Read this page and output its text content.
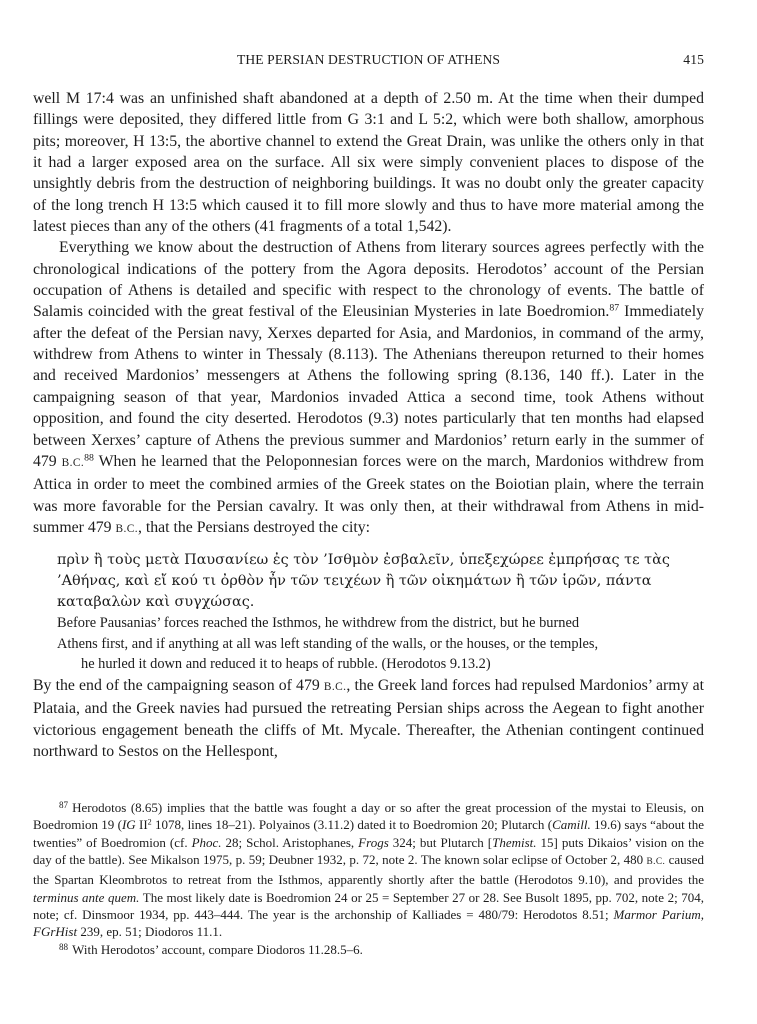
THE PERSIAN DESTRUCTION OF ATHENS	415

well M 17:4 was an unfinished shaft abandoned at a depth of 2.50 m. At the time when their dumped fillings were deposited, they differed little from G 3:1 and L 5:2, which were both shallow, amorphous pits; moreover, H 13:5, the abortive channel to extend the Great Drain, was unlike the others only in that it had a larger exposed area on the surface. All six were simply convenient places to dispose of the unsightly debris from the destruction of neighboring buildings. It was no doubt only the greater capacity of the long trench H 13:5 which caused it to fill more slowly and thus to have more material among the latest pieces than any of the others (41 fragments of a total 1,542).

Everything we know about the destruction of Athens from literary sources agrees perfectly with the chronological indications of the pottery from the Agora deposits. Herodotos’ account of the Persian occupation of Athens is detailed and specific with respect to the chronology of events. The battle of Salamis coincided with the great festival of the Eleusinian Mysteries in late Boedromion.$^{87}$ Immediately after the defeat of the Persian navy, Xerxes departed for Asia, and Mardonios, in command of the army, withdrew from Athens to winter in Thessaly (8.113). The Athenians thereupon returned to their homes and received Mardonios’ messengers at Athens the following spring (8.136, 140 ff.). Later in the campaigning season of that year, Mardonios invaded Attica a second time, took Athens without opposition, and found the city deserted. Herodotos (9.3) notes particularly that ten months had elapsed between Xerxes’ capture of Athens the previous summer and Mardonios’ return early in the summer of 479 B.C.$^{88}$ When he learned that the Peloponnesian forces were on the march, Mardonios withdrew from Attica in order to meet the combined armies of the Greek states on the Boiotian plain, where the terrain was more favorable for the Persian cavalry. It was only then, at their withdrawal from Athens in mid-summer 479 B.C., that the Persians destroyed the city:

πρὶν ἢ τοὺς μετὰ Παυσανίεω ἐς τὸν ’Ισθμὸν ἐσβαλεῖν, ὑπεξεχώρεε ἐμπρήσας τε τὰς ’Αθήνας, καὶ εἴ κού τι ὀρθὸν ἦν τῶν τειχέων ἢ τῶν οἰκημάτων ἢ τῶν ἱρῶν, πάντα καταβαλὼν καὶ συγχώσας.

Before Pausanias’ forces reached the Isthmos, he withdrew from the district, but he burned
Athens first, and if anything at all was left standing of the walls, or the houses, or the temples,
he hurled it down and reduced it to heaps of rubble. (Herodotos 9.13.2)

By the end of the campaigning season of 479 B.C., the Greek land forces had repulsed Mardonios’ army at Plataia, and the Greek navies had pursued the retreating Persian ships across the Aegean to fight another victorious engagement beneath the cliffs of Mt. Mycale. Thereafter, the Athenian contingent continued northward to Sestos on the Hellespont,

$^{87}$ Herodotos (8.65) implies that the battle was fought a day or so after the great procession of the mystai to Eleusis, on Boedromion 19 (IG $II^2$ 1078, lines 18–21). Polyainos (3.11.2) dated it to Boedromion 20; Plutarch (Camill. 19.6) says “about the twenties” of Boedromion (cf. Phoc. 28; Schol. Aristophanes, Frogs 324; but Plutarch [Themist. 15] puts Dikaios’ vision on the day of the battle). See Mikalson 1975, p. 59; Deubner 1932, p. 72, note 2. The known solar eclipse of October 2, 480 B.C. caused the Spartan Kleombrotos to retreat from the Isthmos, apparently shortly after the battle (Herodotos 9.10), and provides the terminus ante quem. The most likely date is Boedromion 24 or 25 = September 27 or 28. See Busolt 1895, pp. 702, note 2; 704, note; cf. Dinsmoor 1934, pp. 443–444. The year is the archonship of Kalliades = 480/79: Herodotos 8.51; Marmor Parium, FGrHist 239, ep. 51; Diodoros 11.1.

$^{88}$ With Herodotos’ account, compare Diodoros 11.28.5–6.
